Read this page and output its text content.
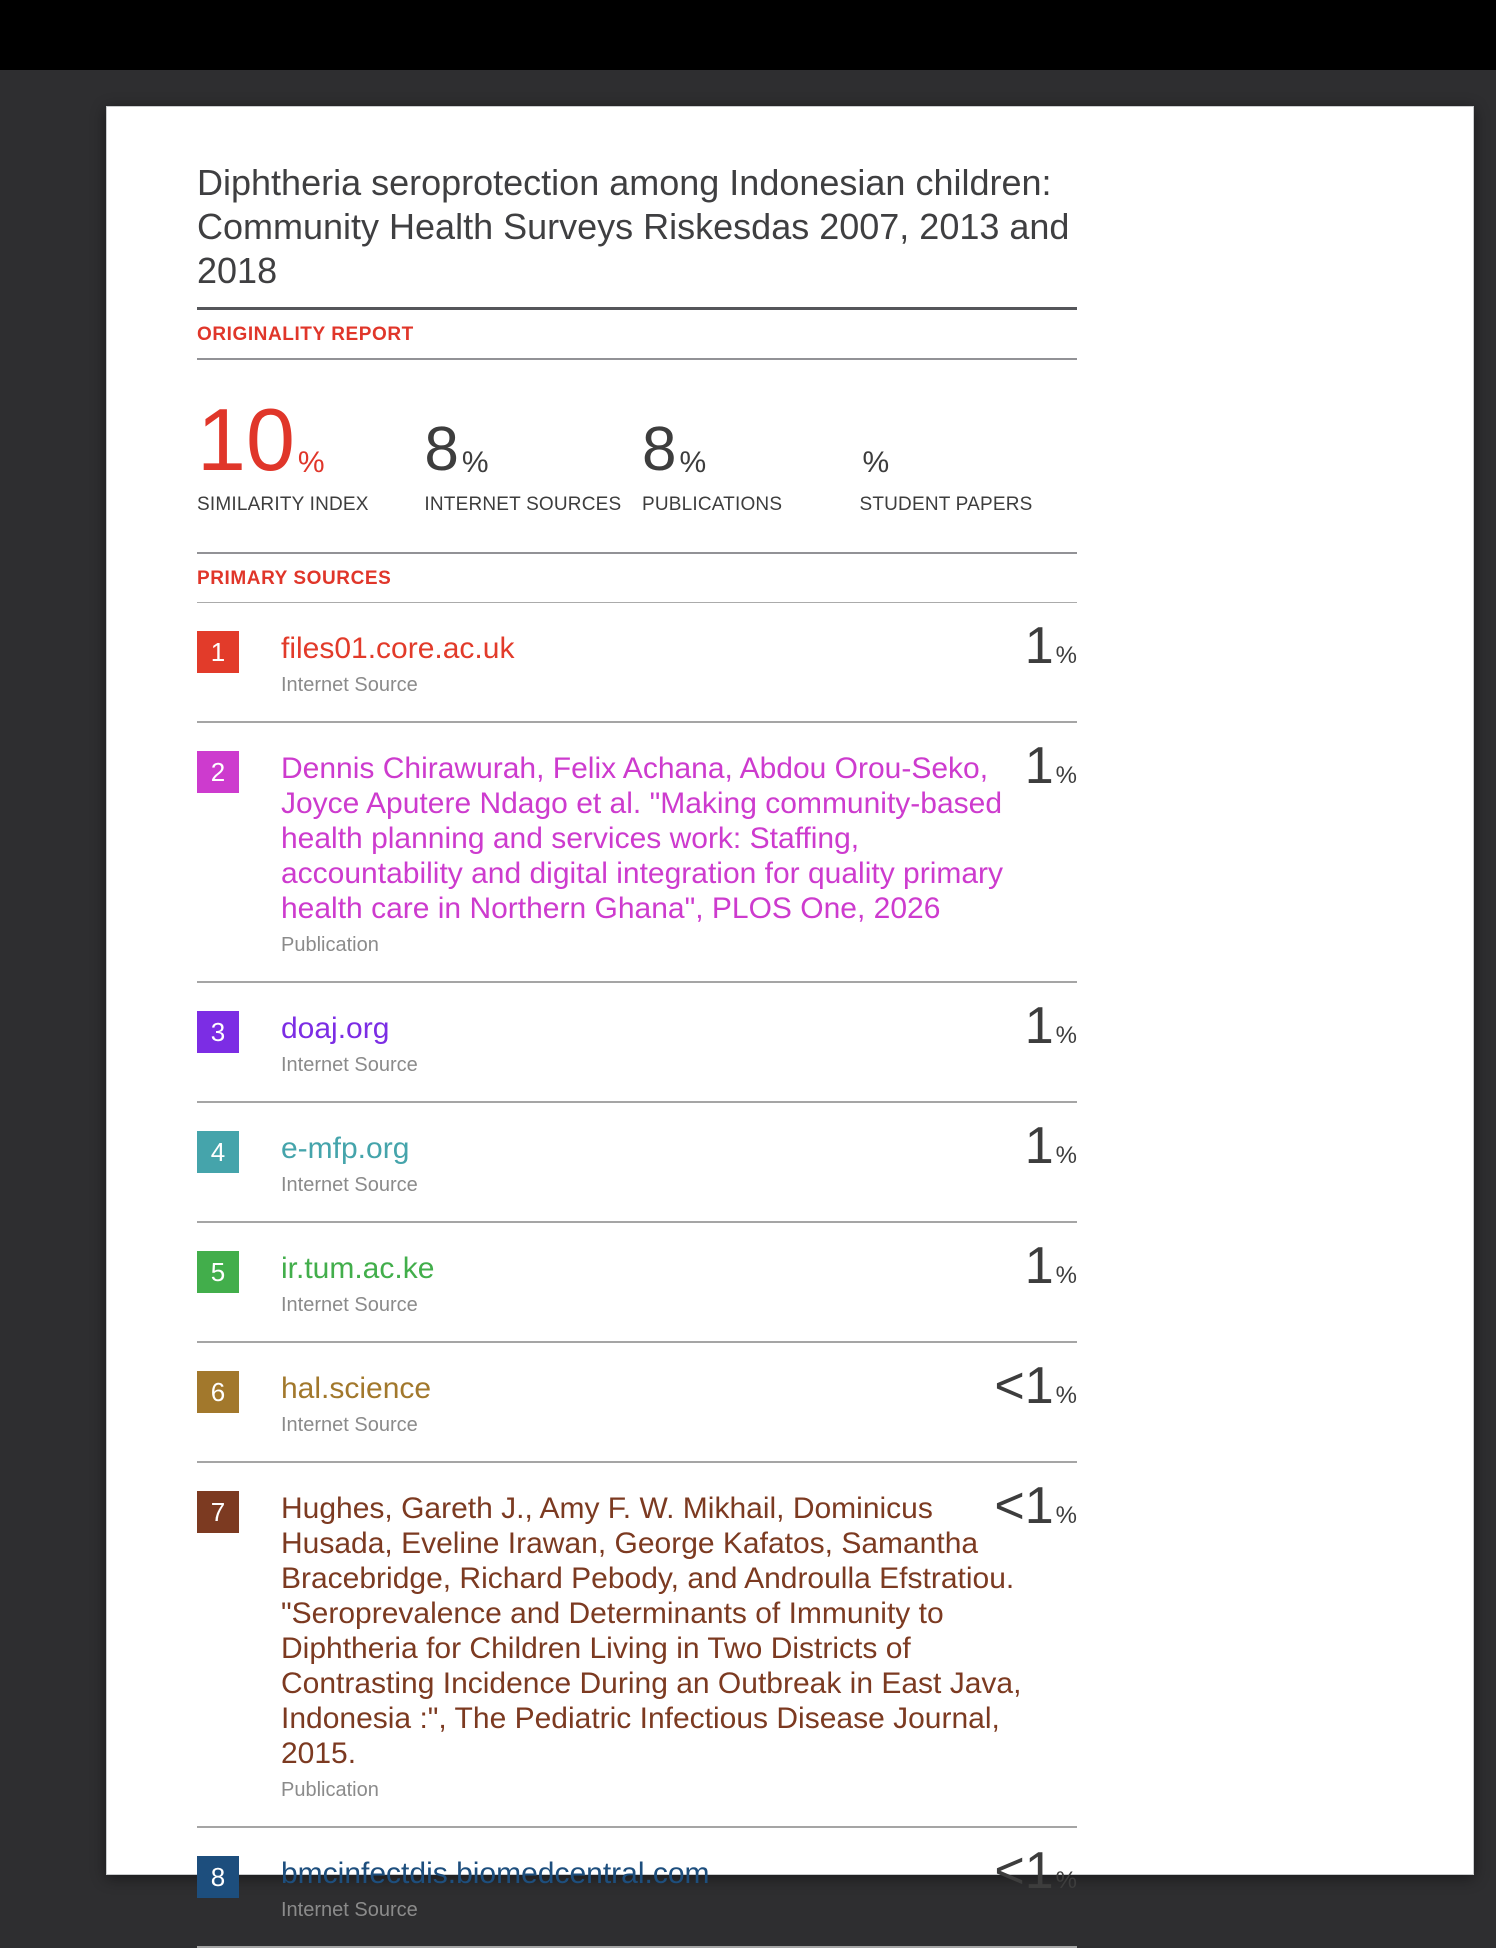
Diphtheria seroprotection among Indonesian children:
Community Health Surveys Riskesdas 2007, 2013 and 2018
ORIGINALITY REPORT
10 %
SIMILARITY INDEX
8 %
INTERNET SOURCES
8 %
PUBLICATIONS
%
STUDENT PAPERS
PRIMARY SOURCES
1 files01.core.ac.uk
Internet Source
1 %
2 Dennis Chirawurah, Felix Achana, Abdou Orou-Seko, Joyce Aputere Ndago et al. "Making community-based health planning and services work: Staffing, accountability and digital integration for quality primary health care in Northern Ghana", PLOS One, 2026
Publication
1 %
3 doaj.org
Internet Source
1 %
4 e-mfp.org
Internet Source
1 %
5 ir.tum.ac.ke
Internet Source
1 %
6 hal.science
Internet Source
<1 %
7 Hughes, Gareth J., Amy F. W. Mikhail, Dominicus Husada, Eveline Irawan, George Kafatos, Samantha Bracebridge, Richard Pebody, and Androulla Efstratiou. "Seroprevalence and Determinants of Immunity to Diphtheria for Children Living in Two Districts of Contrasting Incidence During an Outbreak in East Java, Indonesia :", The Pediatric Infectious Disease Journal, 2015.
Publication
<1 %
8 bmcinfectdis.biomedcentral.com
Internet Source
<1 %
